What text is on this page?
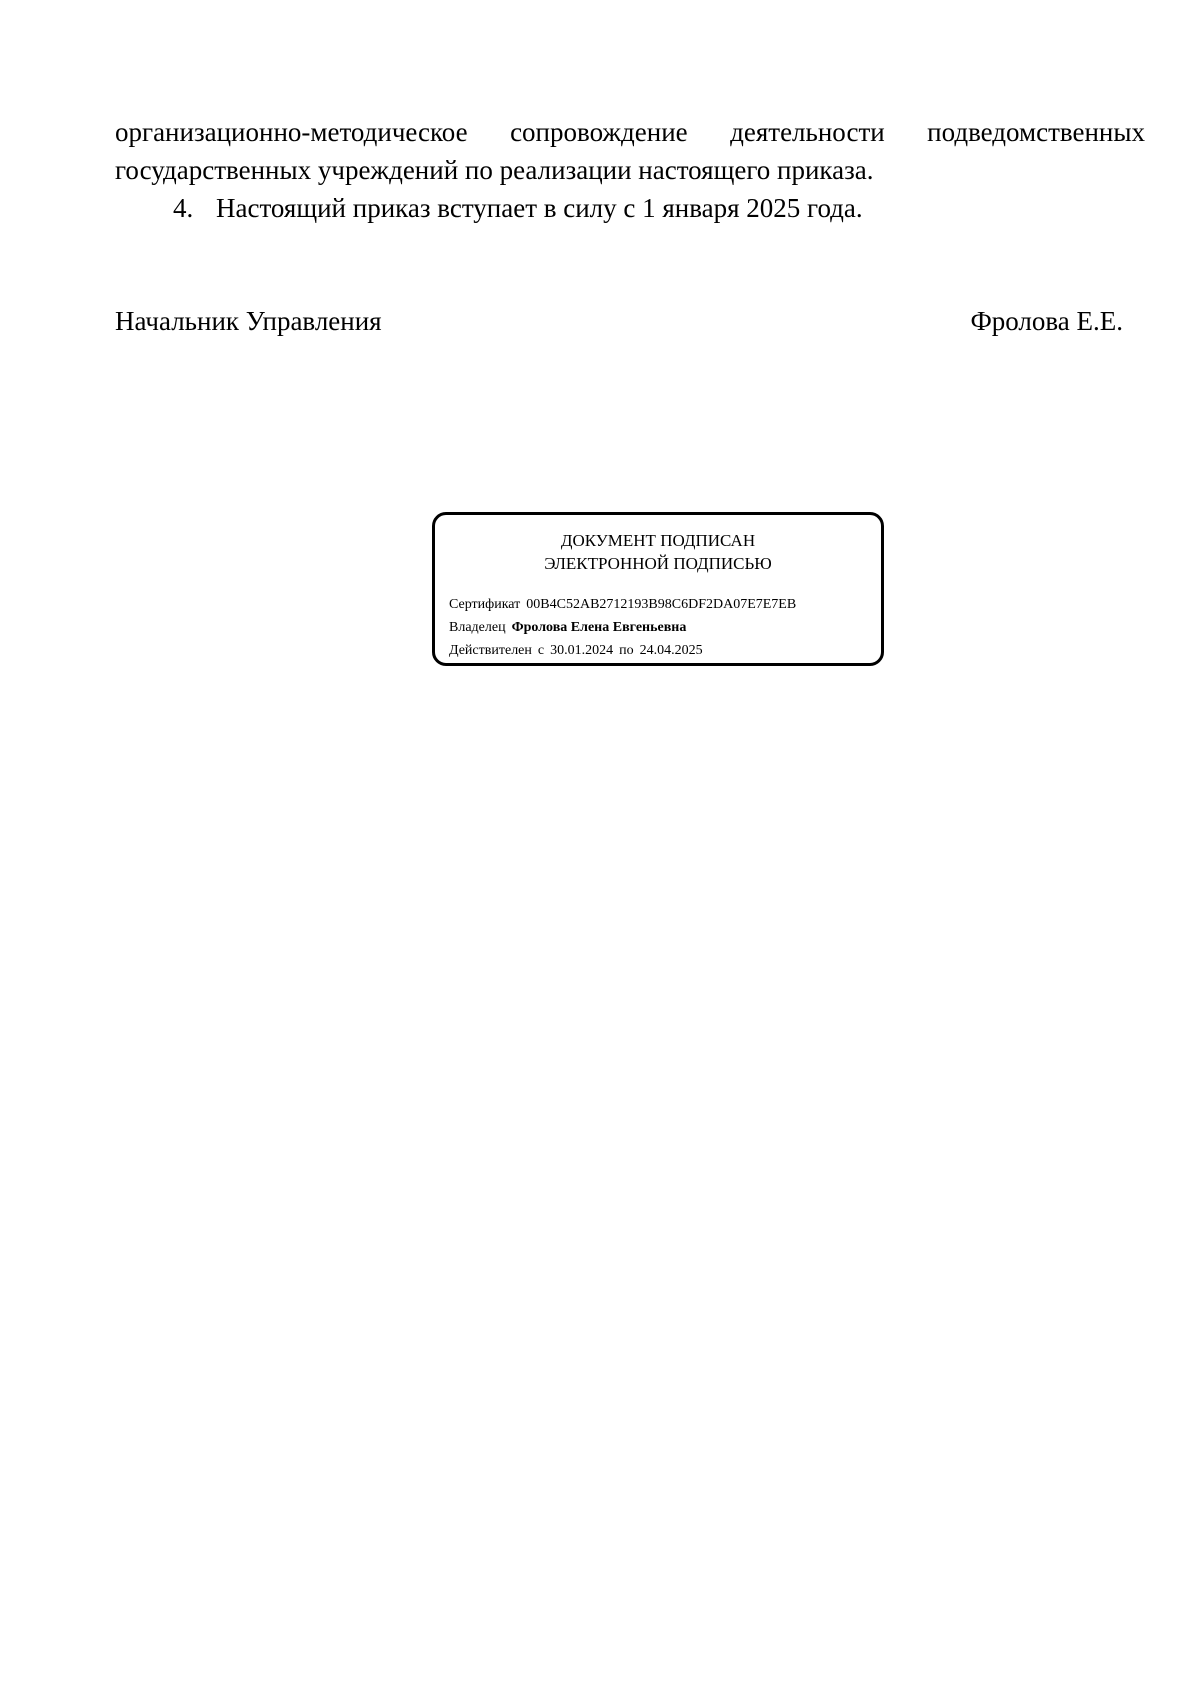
организационно-методическое сопровождение деятельности подведомственных
государственных учреждений по реализации настоящего приказа.
4. Настоящий приказ вступает в силу с 1 января 2025 года.
Начальник Управления	Фролова Е.Е.
ДОКУМЕНТ ПОДПИСАН
ЭЛЕКТРОННОЙ ПОДПИСЬЮ
Сертификат 00B4C52AB2712193B98C6DF2DA07E7E7EB
Владелец Фролова Елена Евгеньевна
Действителен с 30.01.2024 по 24.04.2025
